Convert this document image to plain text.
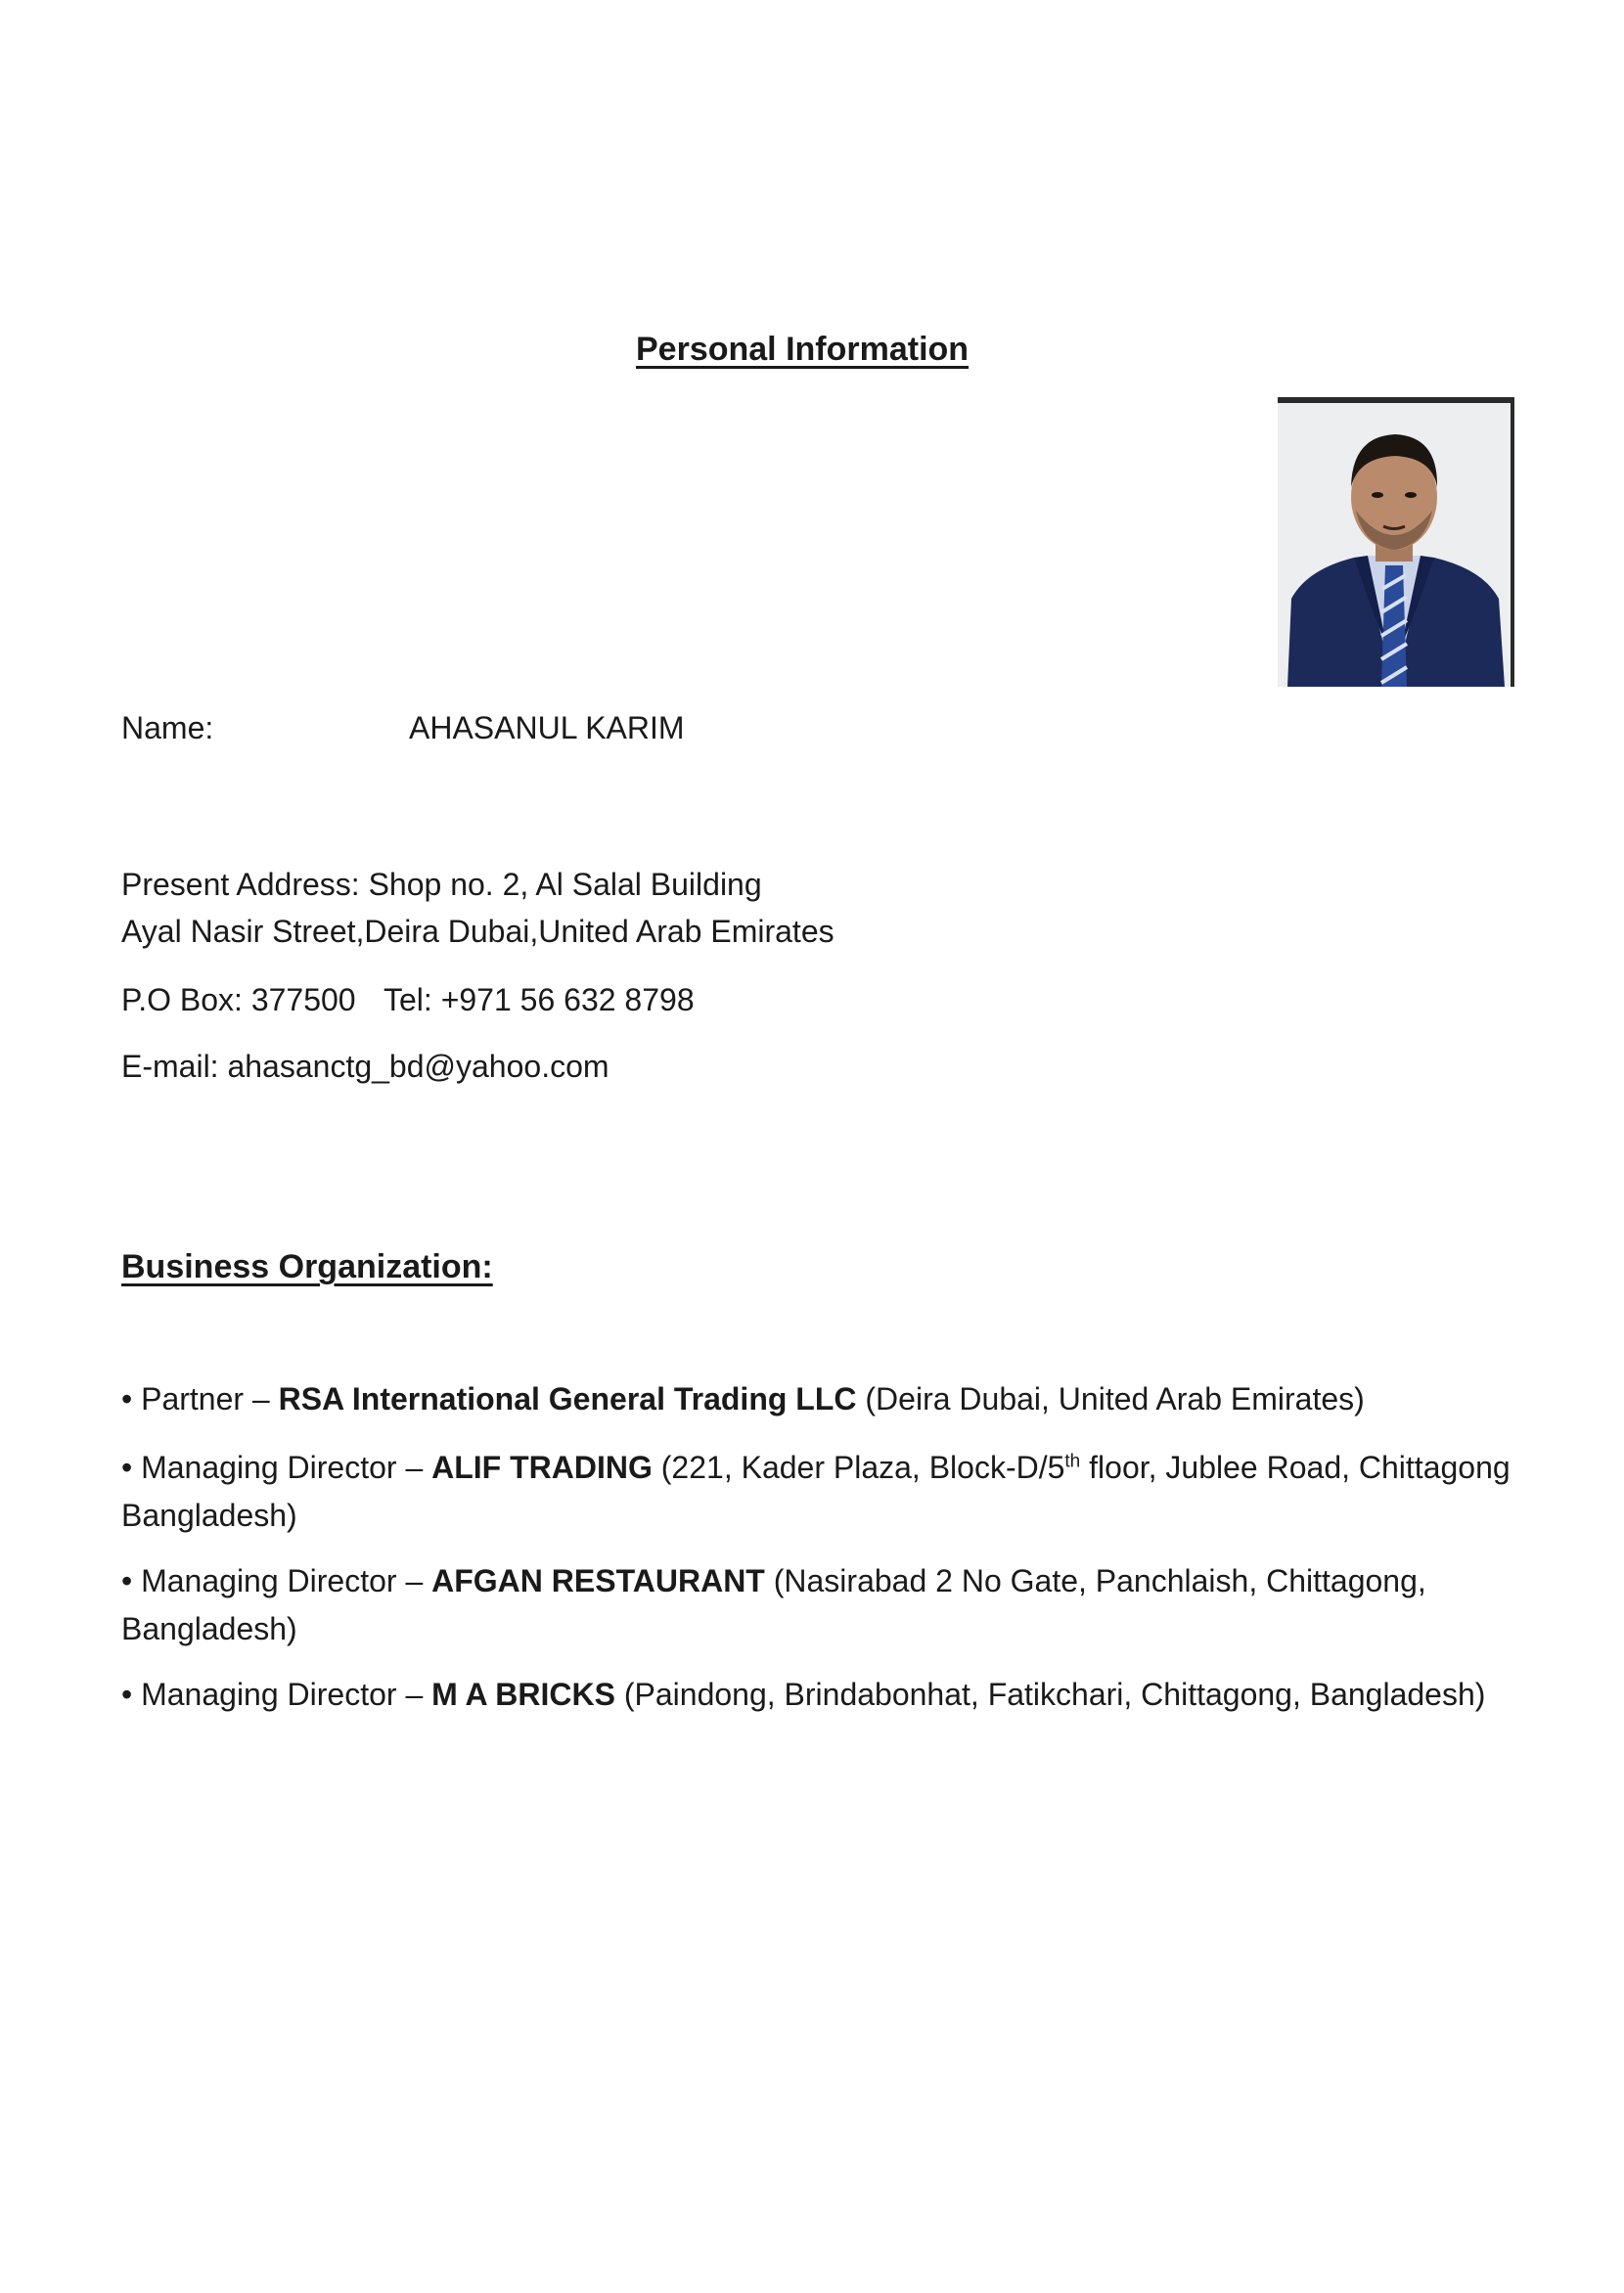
Personal Information
Name:	AHASANUL KARIM
Present Address: Shop no. 2, Al Salal Building
Ayal Nasir Street,Deira Dubai,United Arab Emirates
P.O Box: 377500 Tel: +971 56 632 8798
E-mail: ahasanctg_bd@yahoo.com
Business Organization:
• Partner – RSA International General Trading LLC (Deira Dubai, United Arab Emirates)
• Managing Director – ALIF TRADING (221, Kader Plaza, Block-D/5th floor, Jublee Road, Chittagong Bangladesh)
• Managing Director – AFGAN RESTAURANT (Nasirabad 2 No Gate, Panchlaish, Chittagong, Bangladesh)
• Managing Director – M A BRICKS (Paindong, Brindabonhat, Fatikchari, Chittagong, Bangladesh)
